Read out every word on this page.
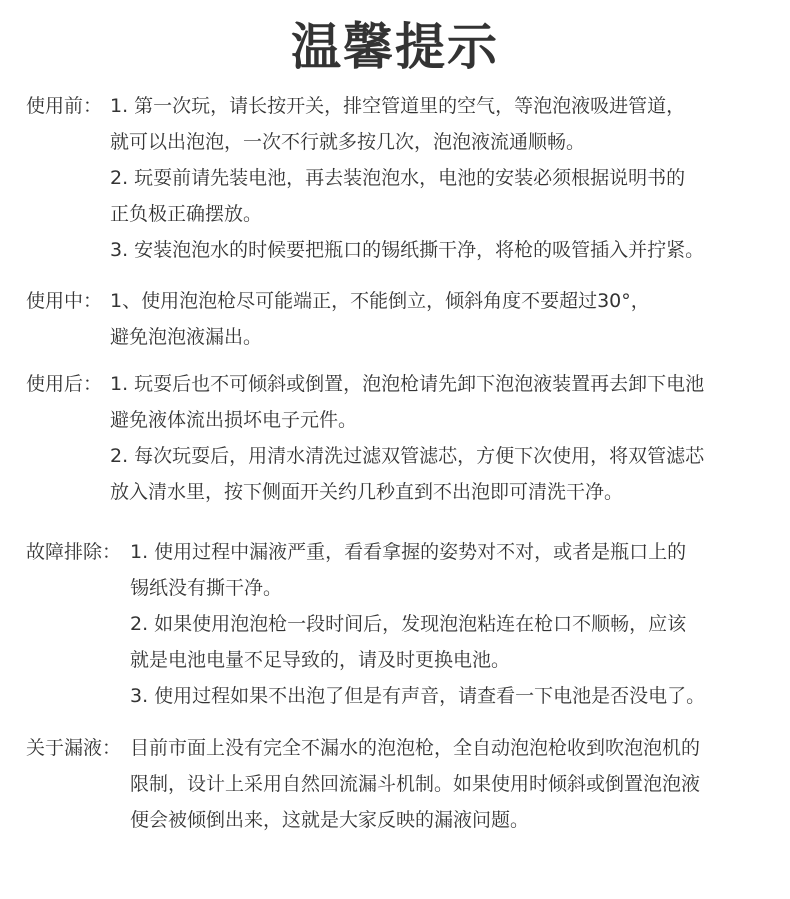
温馨提示
使用前： 1. 第一次玩，请长按开关，排空管道里的空气，等泡泡液吸进管道，
就可以出泡泡，一次不行就多按几次，泡泡液流通顺畅。
2. 玩耍前请先装电池，再去装泡泡水，电池的安装必须根据说明书的
正负极正确摆放。
3. 安装泡泡水的时候要把瓶口的锡纸撕干净，将枪的吸管插入并拧紧。
使用中： 1、使用泡泡枪尽可能端正，不能倒立，倾斜角度不要超过30°，
避免泡泡液漏出。
使用后： 1. 玩耍后也不可倾斜或倒置，泡泡枪请先卸下泡泡液装置再去卸下电池
避免液体流出损坏电子元件。
2. 每次玩耍后，用清水清洗过滤双管滤芯，方便下次使用，将双管滤芯
放入清水里，按下侧面开关约几秒直到不出泡即可清洗干净。
故障排除： 1. 使用过程中漏液严重，看看拿握的姿势对不对，或者是瓶口上的
锡纸没有撕干净。
2. 如果使用泡泡枪一段时间后，发现泡泡粘连在枪口不顺畅，应该
就是电池电量不足导致的，请及时更换电池。
3. 使用过程如果不出泡了但是有声音，请查看一下电池是否没电了。
关于漏液： 目前市面上没有完全不漏水的泡泡枪，全自动泡泡枪收到吹泡泡机的
限制，设计上采用自然回流漏斗机制。如果使用时倾斜或倒置泡泡液
便会被倾倒出来，这就是大家反映的漏液问题。
